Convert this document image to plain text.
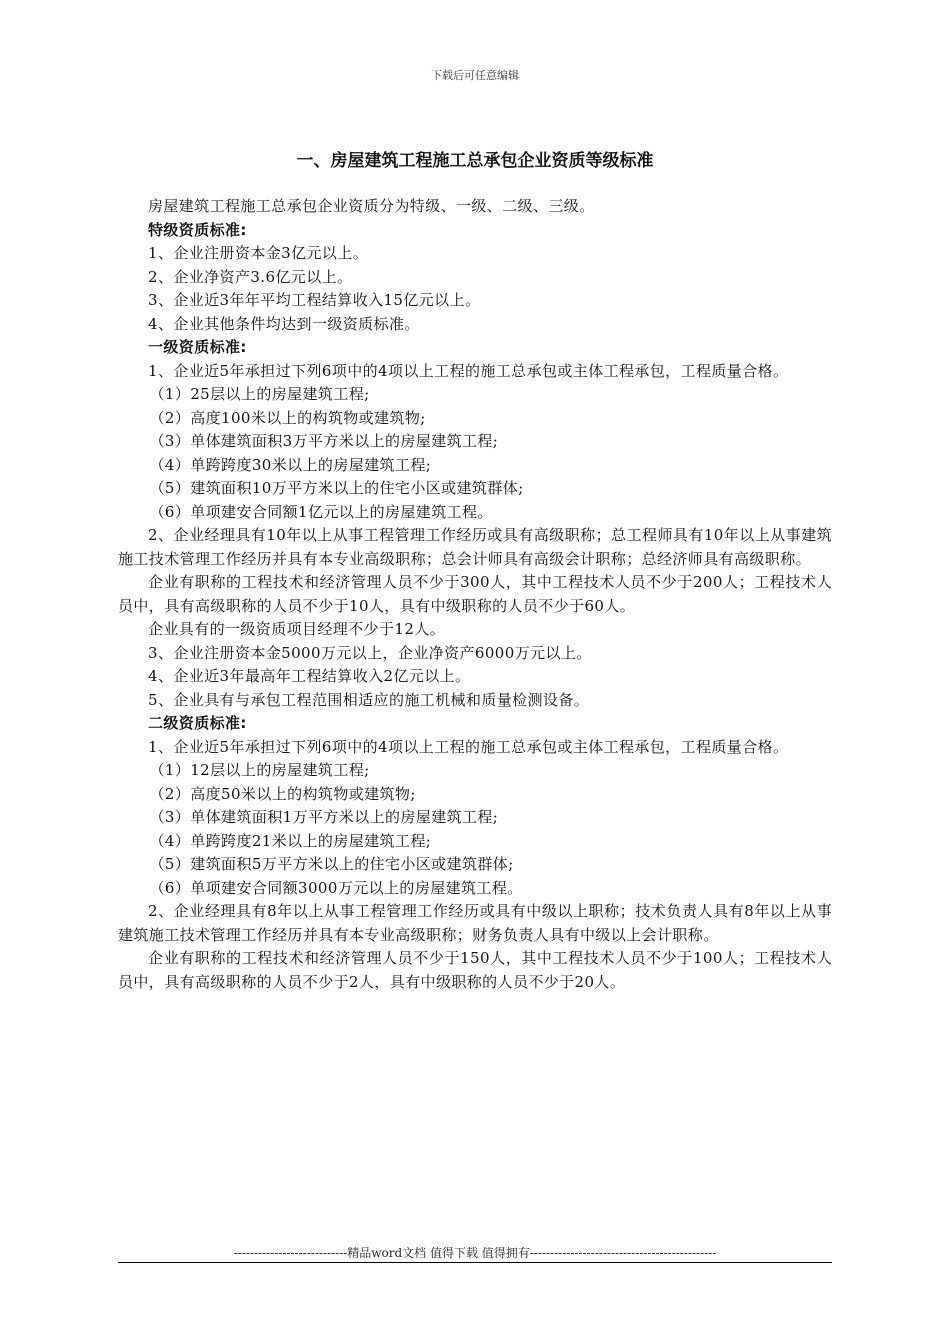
下载后可任意编辑
一、房屋建筑工程施工总承包企业资质等级标准

房屋建筑工程施工总承包企业资质分为特级、一级、二级、三级。

特级资质标准:

1、企业注册资本金3亿元以上。

2、企业净资产3.6亿元以上。

3、企业近3年年平均工程结算收入15亿元以上。

4、企业其他条件均达到一级资质标准。

一级资质标准:

1、企业近5年承担过下列6项中的4项以上工程的施工总承包或主体工程承包，工程质量合格。

（1）25层以上的房屋建筑工程;

（2）高度100米以上的构筑物或建筑物;

（3）单体建筑面积3万平方米以上的房屋建筑工程;

（4）单跨跨度30米以上的房屋建筑工程;

（5）建筑面积10万平方米以上的住宅小区或建筑群体;

（6）单项建安合同额1亿元以上的房屋建筑工程。

2、企业经理具有10年以上从事工程管理工作经历或具有高级职称；总工程师具有10年以上从事建筑施工技术管理工作经历并具有本专业高级职称；总会计师具有高级会计职称；总经济师具有高级职称。

企业有职称的工程技术和经济管理人员不少于300人，其中工程技术人员不少于200人；工程技术人员中，具有高级职称的人员不少于10人，具有中级职称的人员不少于60人。

企业具有的一级资质项目经理不少于12人。

3、企业注册资本金5000万元以上，企业净资产6000万元以上。

4、企业近3年最高年工程结算收入2亿元以上。

5、企业具有与承包工程范围相适应的施工机械和质量检测设备。

二级资质标准:

1、企业近5年承担过下列6项中的4项以上工程的施工总承包或主体工程承包，工程质量合格。

（1）12层以上的房屋建筑工程;

（2）高度50米以上的构筑物或建筑物;

（3）单体建筑面积1万平方米以上的房屋建筑工程;

（4）单跨跨度21米以上的房屋建筑工程;

（5）建筑面积5万平方米以上的住宅小区或建筑群体;

（6）单项建安合同额3000万元以上的房屋建筑工程。

2、企业经理具有8年以上从事工程管理工作经历或具有中级以上职称；技术负责人具有8年以上从事建筑施工技术管理工作经历并具有本专业高级职称；财务负责人具有中级以上会计职称。

企业有职称的工程技术和经济管理人员不少于150人，其中工程技术人员不少于100人；工程技术人员中，具有高级职称的人员不少于2人，具有中级职称的人员不少于20人。

----------------------------精品word文档 值得下载 值得拥有----------------------------------------------
